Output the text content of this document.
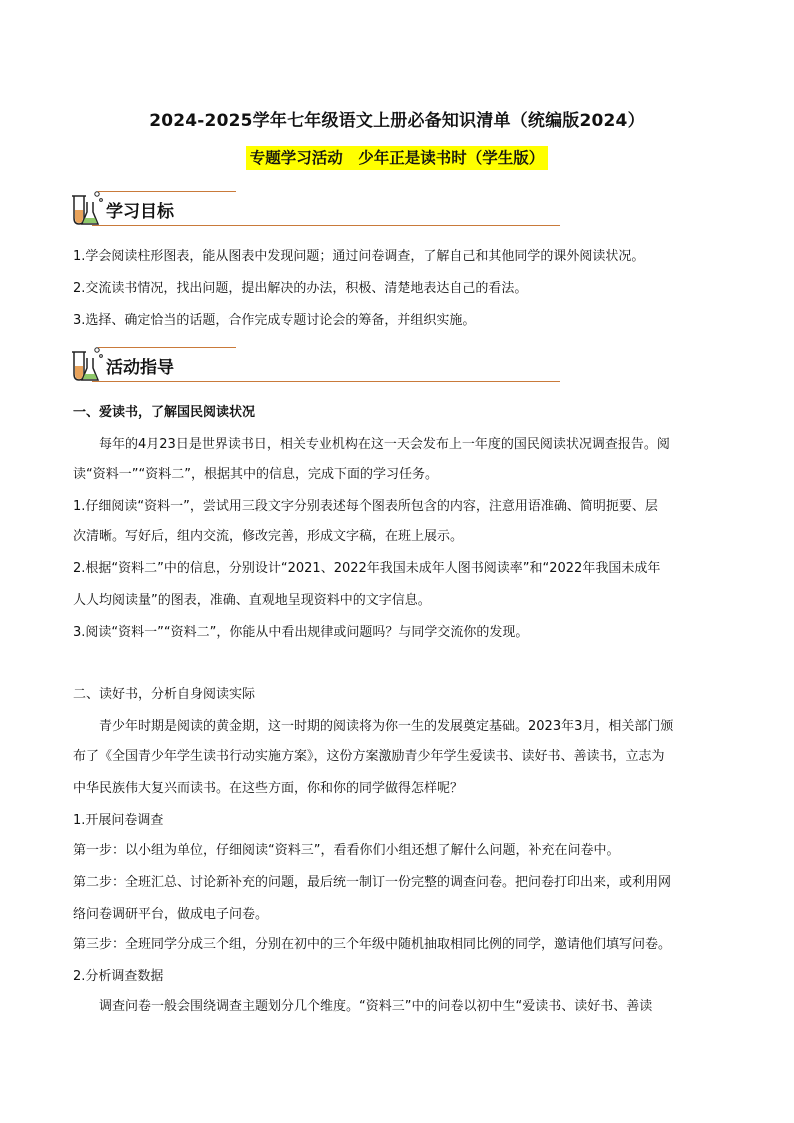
2024-2025学年七年级语文上册必备知识清单（统编版2024）
专题学习活动　少年正是读书时（学生版）
学习目标
1.学会阅读柱形图表，能从图表中发现问题；通过问卷调查，了解自己和其他同学的课外阅读状况。
2.交流读书情况，找出问题，提出解决的办法，积极、清楚地表达自己的看法。
3.选择、确定恰当的话题，合作完成专题讨论会的筹备，并组织实施。
活动指导
一、爱读书，了解国民阅读状况
每年的4月23日是世界读书日，相关专业机构在这一天会发布上一年度的国民阅读状况调查报告。阅
读“资料一”“资料二”，根据其中的信息，完成下面的学习任务。
1.仔细阅读“资料一”，尝试用三段文字分别表述每个图表所包含的内容，注意用语准确、简明扼要、层
次清晰。写好后，组内交流，修改完善，形成文字稿，在班上展示。
2.根据“资料二”中的信息，分别设计“2021、2022年我国未成年人图书阅读率”和“2022年我国未成年
人人均阅读量”的图表，准确、直观地呈现资料中的文字信息。
3.阅读“资料一”“资料二”，你能从中看出规律或问题吗？与同学交流你的发现。
二、读好书，分析自身阅读实际
青少年时期是阅读的黄金期，这一时期的阅读将为你一生的发展奠定基础。2023年3月，相关部门颁
布了《全国青少年学生读书行动实施方案》，这份方案激励青少年学生爱读书、读好书、善读书，立志为
中华民族伟大复兴而读书。在这些方面，你和你的同学做得怎样呢？
1.开展问卷调查
第一步：以小组为单位，仔细阅读“资料三”，看看你们小组还想了解什么问题，补充在问卷中。
第二步：全班汇总、讨论新补充的问题，最后统一制订一份完整的调查问卷。把问卷打印出来，或利用网
络问卷调研平台，做成电子问卷。
第三步：全班同学分成三个组，分别在初中的三个年级中随机抽取相同比例的同学，邀请他们填写问卷。
2.分析调查数据
调查问卷一般会围绕调查主题划分几个维度。“资料三”中的问卷以初中生“爱读书、读好书、善读
